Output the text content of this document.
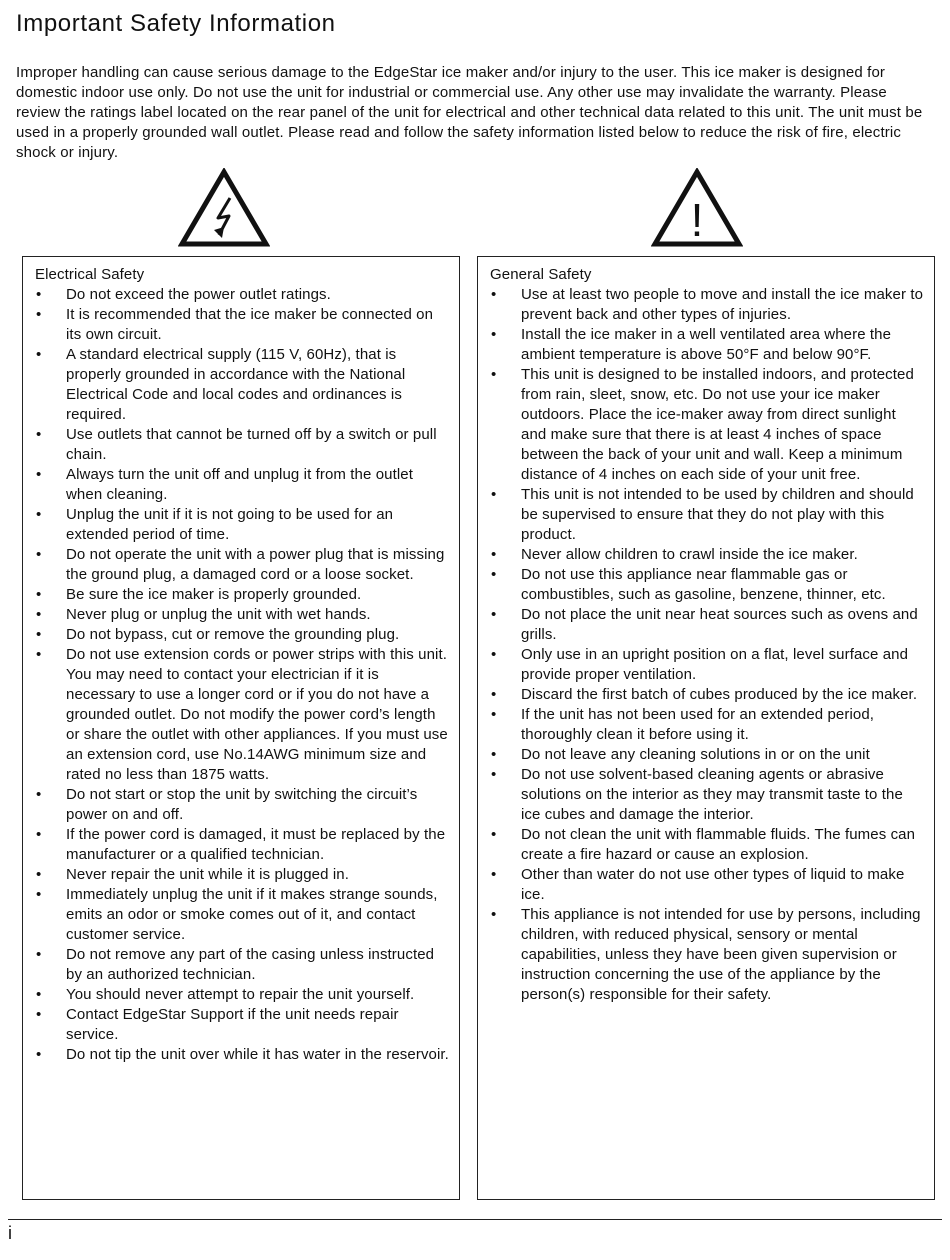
Important Safety Information

Improper handling can cause serious damage to the EdgeStar ice maker and/or injury to the user. This ice maker is designed for domestic indoor use only. Do not use the unit for industrial or commercial use. Any other use may invalidate the warranty. Please review the ratings label located on the rear panel of the unit for electrical and other technical data related to this unit. The unit must be used in a properly grounded wall outlet. Please read and follow the safety information listed below to reduce the risk of fire, electric shock or injury.

!
Electrical Safety
• Do not exceed the power outlet ratings.
• It is recommended that the ice maker be connected on its own circuit.
• A standard electrical supply (115 V, 60Hz), that is properly grounded in accordance with the National Electrical Code and local codes and ordinances is required.
• Use outlets that cannot be turned off by a switch or pull chain.
• Always turn the unit off and unplug it from the outlet when cleaning.
• Unplug the unit if it is not going to be used for an extended period of time.
• Do not operate the unit with a power plug that is missing the ground plug, a damaged cord or a loose socket.
• Be sure the ice maker is properly grounded.
• Never plug or unplug the unit with wet hands.
• Do not bypass, cut or remove the grounding plug.
• Do not use extension cords or power strips with this unit. You may need to contact your electrician if it is necessary to use a longer cord or if you do not have a grounded outlet. Do not modify the power cord’s length or share the outlet with other appliances. If you must use an extension cord, use No.14AWG minimum size and rated no less than 1875 watts.
• Do not start or stop the unit by switching the circuit’s power on and off.
• If the power cord is damaged, it must be replaced by the manufacturer or a qualified technician.
• Never repair the unit while it is plugged in.
• Immediately unplug the unit if it makes strange sounds, emits an odor or smoke comes out of it, and contact customer service.
• Do not remove any part of the casing unless instructed by an authorized technician.
• You should never attempt to repair the unit yourself.
• Contact EdgeStar Support if the unit needs repair service.
• Do not tip the unit over while it has water in the reservoir.
General Safety
• Use at least two people to move and install the ice maker to prevent back and other types of injuries.
• Install the ice maker in a well ventilated area where the ambient temperature is above 50°F and below 90°F.
• This unit is designed to be installed indoors, and protected from rain, sleet, snow, etc. Do not use your ice maker outdoors. Place the ice-maker away from direct sunlight and make sure that there is at least 4 inches of space between the back of your unit and wall. Keep a minimum distance of 4 inches on each side of your unit free.
• This unit is not intended to be used by children and should be supervised to ensure that they do not play with this product.
• Never allow children to crawl inside the ice maker.
• Do not use this appliance near flammable gas or combustibles, such as gasoline, benzene, thinner, etc.
• Do not place the unit near heat sources such as ovens and grills.
• Only use in an upright position on a flat, level surface and provide proper ventilation.
• Discard the first batch of cubes produced by the ice maker.
• If the unit has not been used for an extended period, thoroughly clean it before using it.
• Do not leave any cleaning solutions in or on the unit
• Do not use solvent-based cleaning agents or abrasive solutions on the interior as they may transmit taste to the ice cubes and damage the interior.
• Do not clean the unit with flammable fluids. The fumes can create a fire hazard or cause an explosion.
• Other than water do not use other types of liquid to make ice.
• This appliance is not intended for use by persons, including children, with reduced physical, sensory or mental capabilities, unless they have been given supervision or instruction concerning the use of the appliance by the person(s) responsible for their safety.
i
